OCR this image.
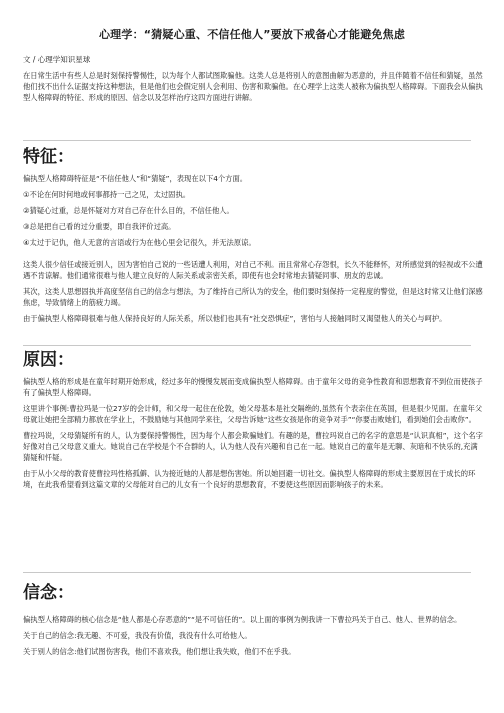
心理学：“猜疑心重、不信任他人”要放下戒备心才能避免焦虑
文 / 心理学知识星球

在日常生活中有些人总是时刻保持警惕性，以为每个人都试图欺骗他。这类人总是将别人的意图曲解为恶意的，并且伴随着不信任和猜疑，虽然他们找不出什么证据支持这种想法，但是他们也会假定别人会利用、伤害和欺骗他。在心理学上这类人被称为偏执型人格障碍。下面我会从偏执型人格障碍的特征、形成的原因、信念以及怎样治疗这四方面进行讲解。

特征：

偏执型人格障碍特征是“不信任他人”和“猜疑”，表现在以下4个方面。

①不论在何时何地或何事都持一己之见，太过固执。

②猜疑心过重，总是怀疑对方对自己存在什么目的，不信任他人。

③总是把自己看的过分重要，即自我评价过高。

④太过于记仇，他人无意的言语或行为在他心里会记很久，并无法原谅。

这类人很少信任或接近别人，因为害怕自己说的一些话遭人利用，对自己不利。而且常常心存怨恨，长久不能释怀，对所感觉到的轻视或不公遭遇不肯谅解。他们通常很难与他人建立良好的人际关系或亲密关系，即使有也会时常地去猜疑同事、朋友的忠诚。

其次，这类人思想固执并高度坚信自己的信念与想法，为了维持自己所认为的安全，他们要时刻保持一定程度的警觉，但是这时常又让他们深感焦虑，导致情绪上的筋疲力竭。

由于偏执型人格障碍很难与他人保持良好的人际关系，所以他们也具有“社交恐惧症”，害怕与人接触同时又渴望他人的关心与呵护。

原因：

偏执型人格的形成是在童年时期开始形成，经过多年的慢慢发展而变成偏执型人格障碍。由于童年父母的竞争性教育和思想教育不到位而使孩子有了偏执型人格障碍。

这里讲个事例:曹拉玛是一位27岁的会计师，和父母一起住在伦敦，她父母基本是社交隔绝的,虽然有个表亲住在英国，但是很少见面。在童年父母就让她把全部精力都放在学业上，不鼓励她与其他同学来往，父母告诉她“这些女孩是你的竞争对手”“你要击败她们，看到她们会击败你”。

曹拉玛说，父母猜疑所有的人，认为要保持警惕性，因为每个人都会欺骗她们。有趣的是，曹拉玛说自己的名字的意思是“认识真相”，这个名字好像对自己父母意义重大。她说自己在学校是个不合群的人，认为他人没有兴趣和自己在一起。她说自己的童年是无聊、灰暗和不快乐的,充满猜疑和忏疑。

由于从小父母的教育使曹拉玛性格孤僻、认为接近她的人都是想伤害她。所以她回避一切社交。偏执型人格障碍的形成主要原因在于成长的环境，在此我希望看到这篇文章的父母能对自己的儿女有一个良好的思想教育，不要使这些原因而影响孩子的未来。

信念：

偏执型人格障碍的核心信念是“他人都是心存恶意的”“是不可信任的”。以上面的事例为例我讲一下曹拉玛关于自己、他人、世界的信念。

关于自己的信念:我无趣、不可爱，我没有价值，我没有什么可给他人。

关于别人的信念:他们试图伤害我，他们不喜欢我，他们想让我失败，他们不在乎我。
